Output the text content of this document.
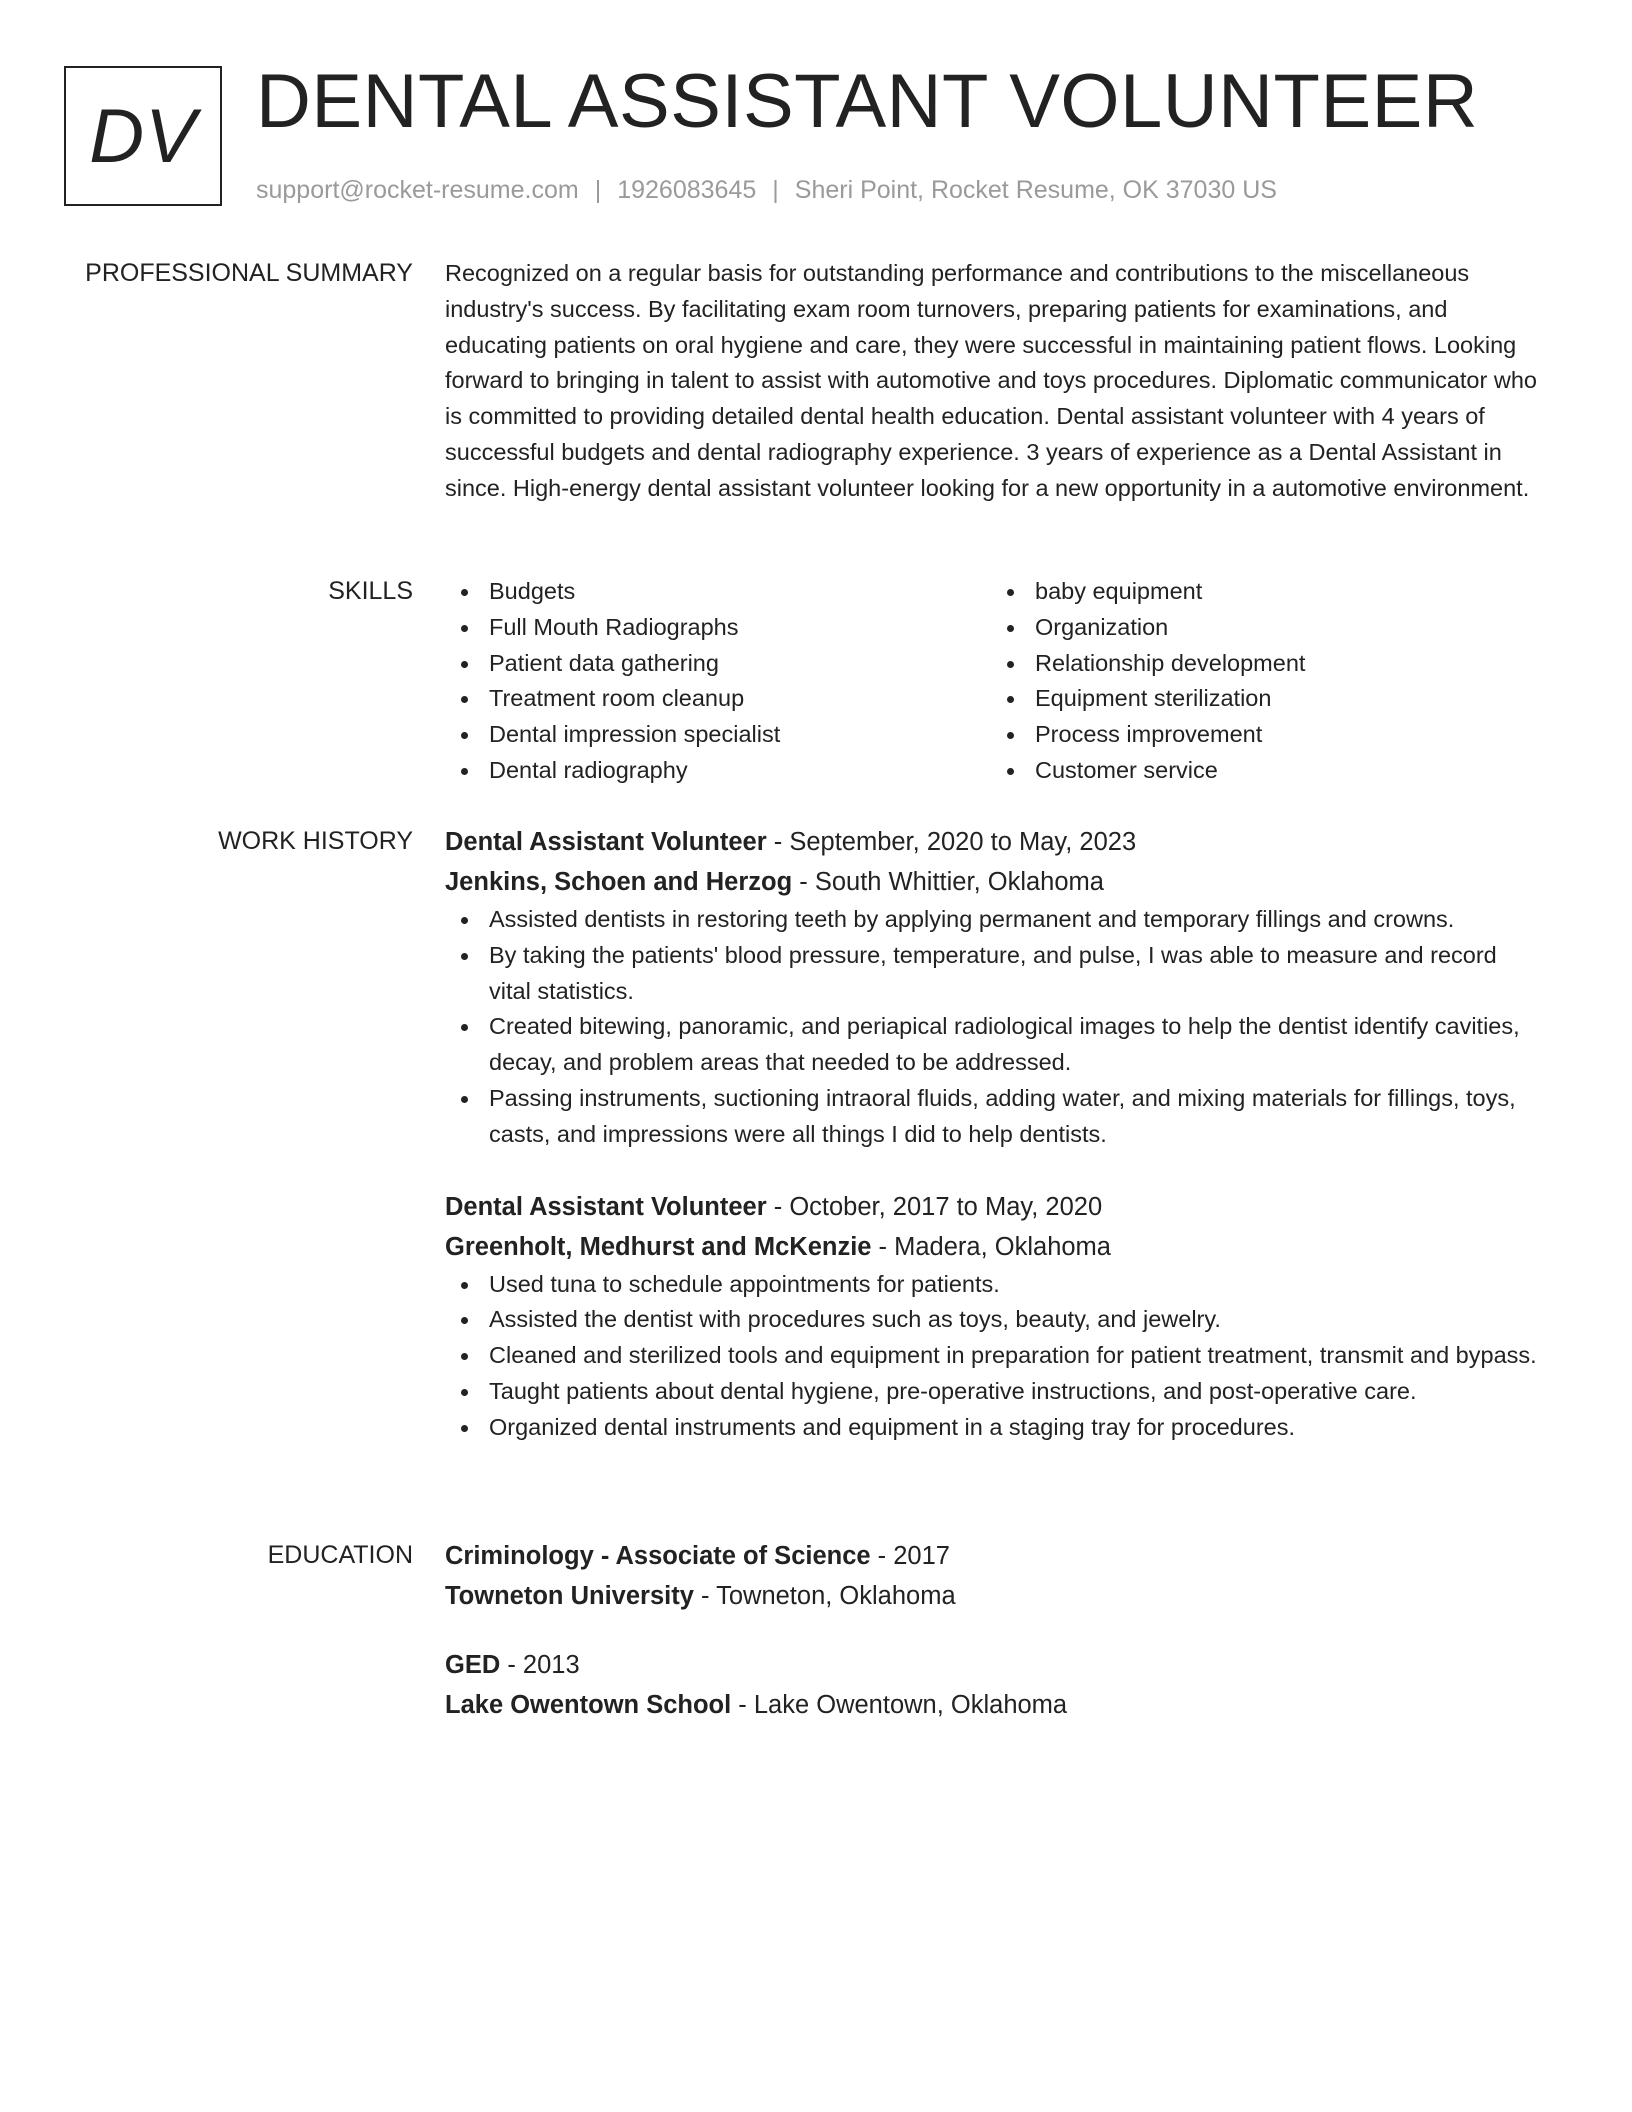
DV DENTAL ASSISTANT VOLUNTEER
support@rocket-resume.com | 1926083645 | Sheri Point, Rocket Resume, OK 37030 US
PROFESSIONAL SUMMARY Recognized on a regular basis for outstanding performance and contributions to the miscellaneous industry's success. By facilitating exam room turnovers, preparing patients for examinations, and educating patients on oral hygiene and care, they were successful in maintaining patient flows. Looking forward to bringing in talent to assist with automotive and toys procedures. Diplomatic communicator who is committed to providing detailed dental health education. Dental assistant volunteer with 4 years of successful budgets and dental radiography experience. 3 years of experience as a Dental Assistant in since. High-energy dental assistant volunteer looking for a new opportunity in a automotive environment.

SKILLS	Budgets
Full Mouth Radiographs
Patient data gathering
Treatment room cleanup
Dental impression specialist
Dental radiography
baby equipment
Organization
Relationship development
Equipment sterilization
Process improvement
Customer service
WORK HISTORY Dental Assistant Volunteer - September, 2020 to May, 2023
Jenkins, Schoen and Herzog - South Whittier, Oklahoma
Assisted dentists in restoring teeth by applying permanent and temporary fillings and crowns.
By taking the patients' blood pressure, temperature, and pulse, I was able to measure and record vital statistics.
Created bitewing, panoramic, and periapical radiological images to help the dentist identify cavities, decay, and problem areas that needed to be addressed.
Passing instruments, suctioning intraoral fluids, adding water, and mixing materials for fillings, toys, casts, and impressions were all things I did to help dentists.
Dental Assistant Volunteer - October, 2017 to May, 2020
Greenholt, Medhurst and McKenzie - Madera, Oklahoma
Used tuna to schedule appointments for patients.
Assisted the dentist with procedures such as toys, beauty, and jewelry.
Cleaned and sterilized tools and equipment in preparation for patient treatment, transmit and bypass.
Taught patients about dental hygiene, pre-operative instructions, and post-operative care.
Organized dental instruments and equipment in a staging tray for procedures.
EDUCATION Criminology - Associate of Science - 2017
Towneton University - Towneton, Oklahoma
GED - 2013
Lake Owentown School - Lake Owentown, Oklahoma
